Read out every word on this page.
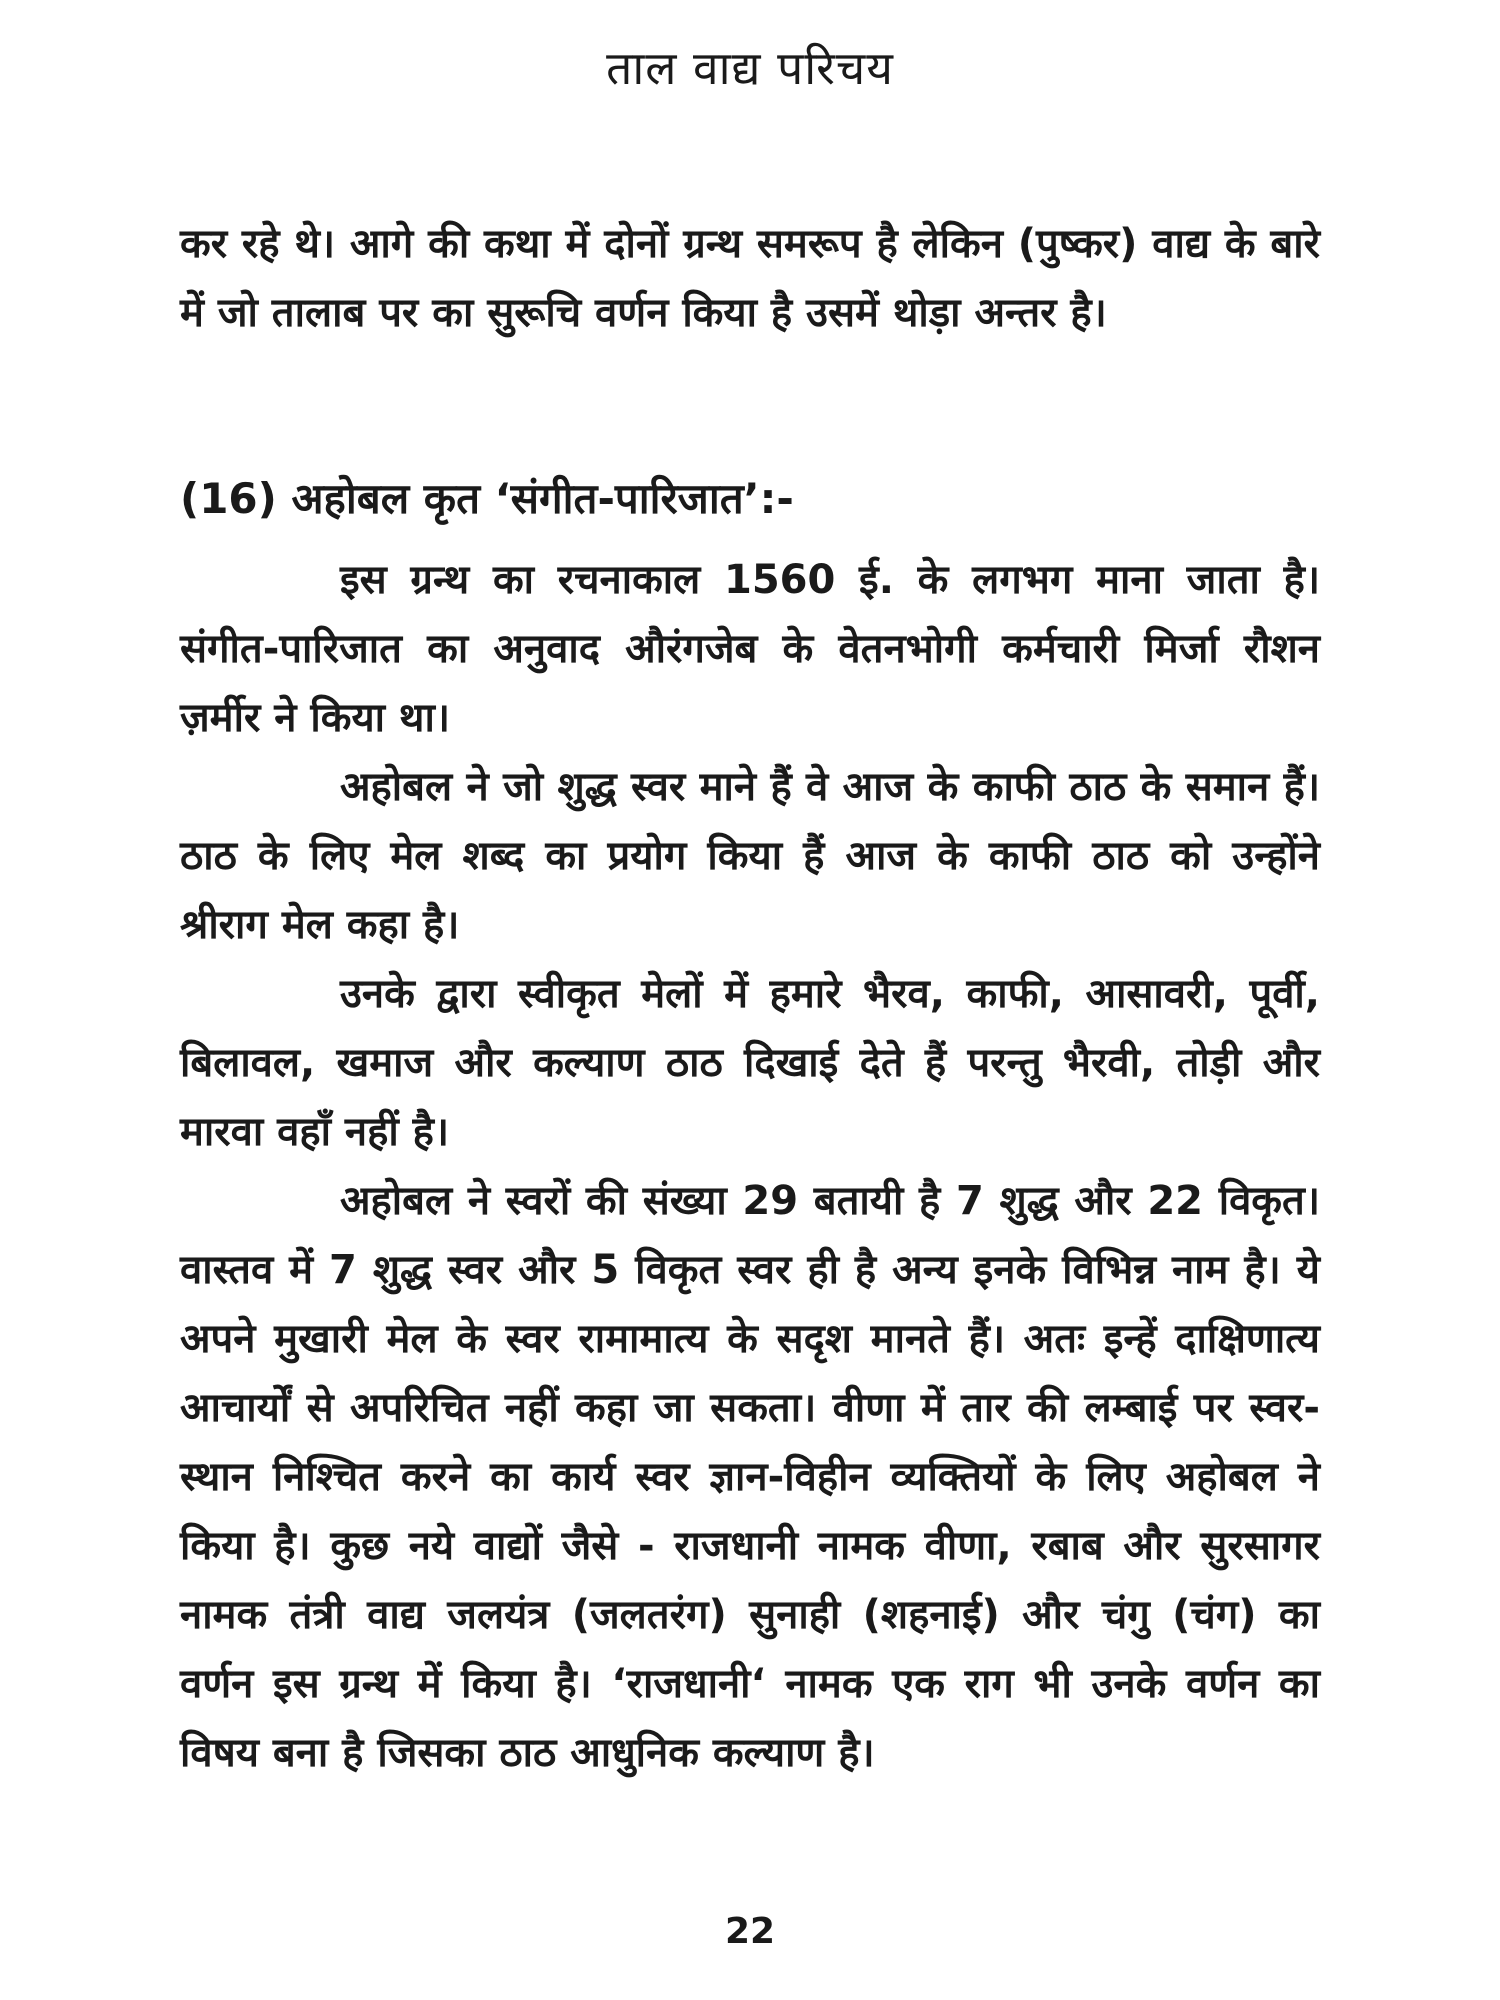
ताल वाद्य परिचय

कर रहे थे। आगे की कथा में दोनों ग्रन्थ समरूप है लेकिन (पुष्कर) वाद्य के बारे में जो तालाब पर का सुरूचि वर्णन किया है उसमें थोड़ा अन्तर है।

(16) अहोबल कृत ‘संगीत-पारिजात’:-

इस ग्रन्थ का रचनाकाल 1560 ई. के लगभग माना जाता है। संगीत-पारिजात का अनुवाद औरंगजेब के वेतनभोगी कर्मचारी मिर्जा रौशन ज़र्मीर ने किया था।

अहोबल ने जो शुद्ध स्वर माने हैं वे आज के काफी ठाठ के समान हैं। ठाठ के लिए मेल शब्द का प्रयोग किया हैं आज के काफी ठाठ को उन्होंने श्रीराग मेल कहा है।

उनके द्वारा स्वीकृत मेलों में हमारे भैरव, काफी, आसावरी, पूर्वी, बिलावल, खमाज और कल्याण ठाठ दिखाई देते हैं परन्तु भैरवी, तोड़ी और मारवा वहाँ नहीं है।

अहोबल ने स्वरों की संख्या 29 बतायी है 7 शुद्ध और 22 विकृत। वास्तव में 7 शुद्ध स्वर और 5 विकृत स्वर ही है अन्य इनके विभिन्न नाम है। ये अपने मुखारी मेल के स्वर रामामात्य के सदृश मानते हैं। अतः इन्हें दाक्षिणात्य आचार्यों से अपरिचित नहीं कहा जा सकता। वीणा में तार की लम्बाई पर स्वर-स्थान निश्चित करने का कार्य स्वर ज्ञान-विहीन व्यक्तियों के लिए अहोबल ने किया है। कुछ नये वाद्यों जैसे - राजधानी नामक वीणा, रबाब और सुरसागर नामक तंत्री वाद्य जलयंत्र (जलतरंग) सुनाही (शहनाई) और चंगु (चंग) का वर्णन इस ग्रन्थ में किया है। ‘राजधानी‘ नामक एक राग भी उनके वर्णन का विषय बना है जिसका ठाठ आधुनिक कल्याण है।

22
